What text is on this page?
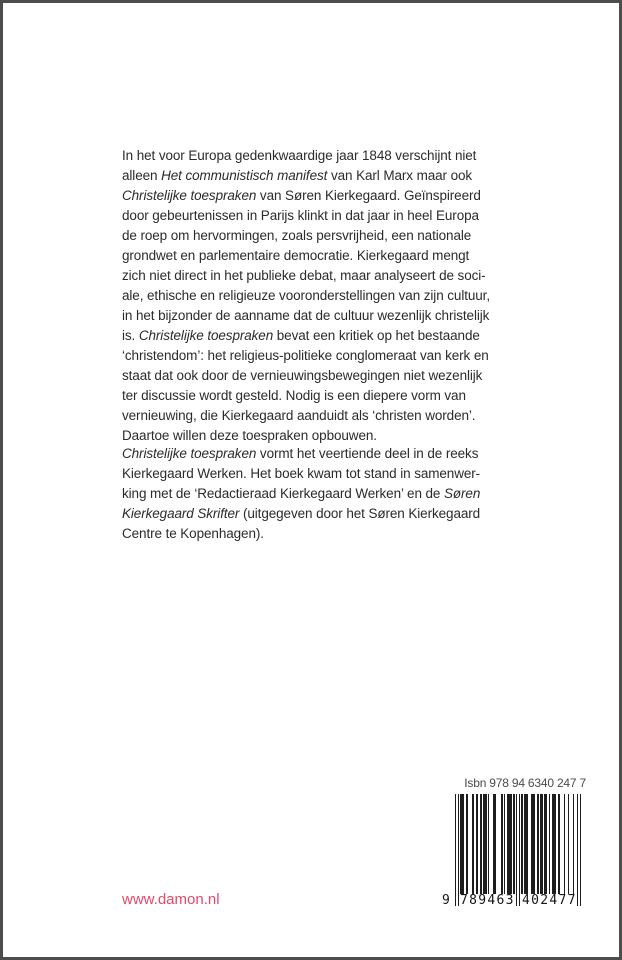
In het voor Europa gedenkwaardige jaar 1848 verschijnt niet
alleen Het communistisch manifest van Karl Marx maar ook
Christelijke toespraken van Søren Kierkegaard. Geïnspireerd
door gebeurtenissen in Parijs klinkt in dat jaar in heel Europa
de roep om hervormingen, zoals persvrijheid, een nationale
grondwet en parlementaire democratie. Kierkegaard mengt
zich niet direct in het publieke debat, maar analyseert de soci-
ale, ethische en religieuze vooronderstellingen van zijn cultuur,
in het bijzonder de aanname dat de cultuur wezenlijk christelijk
is. Christelijke toespraken bevat een kritiek op het bestaande
‘christendom’: het religieus-politieke conglomeraat van kerk en
staat dat ook door de vernieuwingsbewegingen niet wezenlijk
ter discussie wordt gesteld. Nodig is een diepere vorm van
vernieuwing, die Kierkegaard aanduidt als ‘christen worden’.
Daartoe willen deze toespraken opbouwen.
Christelijke toespraken vormt het veertiende deel in de reeks
Kierkegaard Werken. Het boek kwam tot stand in samenwer-
king met de ‘Redactieraad Kierkegaard Werken’ en de Søren
Kierkegaard Skrifter (uitgegeven door het Søren Kierkegaard
Centre te Kopenhagen).
Isbn 978 94 6340 247 7
9 789463 402477
www.damon.nl
